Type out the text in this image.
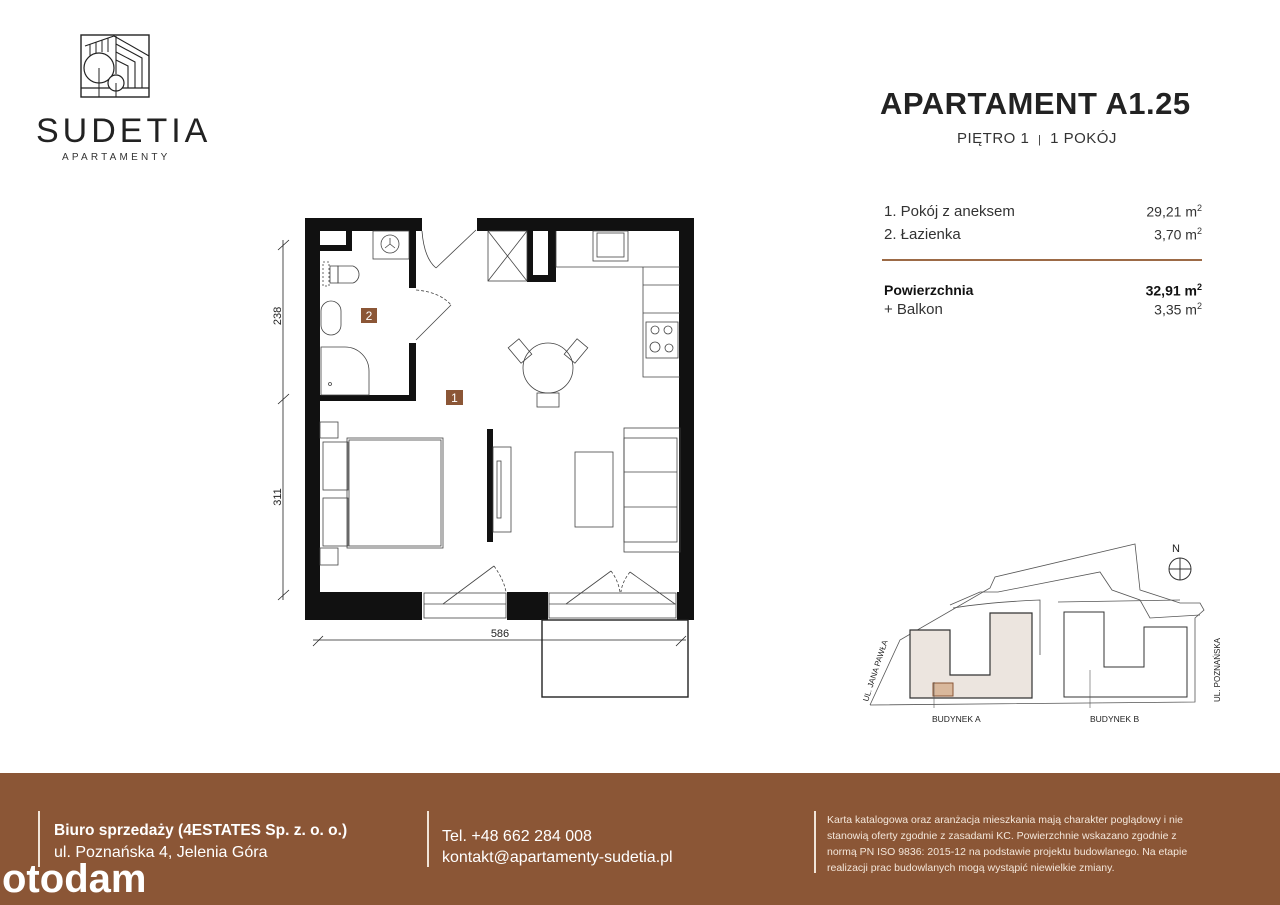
SUDETIA
APARTAMENTY
APARTAMENT A1.25
PIĘTRO 1 | 1 POKÓJ
1. Pokój z aneksem	29,21 $m^2$
2. Łazienka	3,70 $m^2$
Powierzchnia	32,91 $m^2$
+ Balkon	3,35 $m^2$
2
1
238
311
586
N
UL. JANA PAWŁA	UL. POZNAŃSKA
BUDYNEK A	BUDYNEK B
Biuro sprzedaży (4ESTATES Sp. z. o. o.)
ul. Poznańska 4, Jelenia Góra
Tel. +48 662 284 008
kontakt@apartamenty-sudetia.pl
Karta katalogowa oraz aranżacja mieszkania mają charakter poglądowy i nie stanowią oferty zgodnie z zasadami KC. Powierzchnie wskazano zgodnie z normą PN ISO 9836: 2015-12 na podstawie projektu budowlanego. Na etapie realizacji prac budowlanych mogą wystąpić niewielkie zmiany.
otodam
